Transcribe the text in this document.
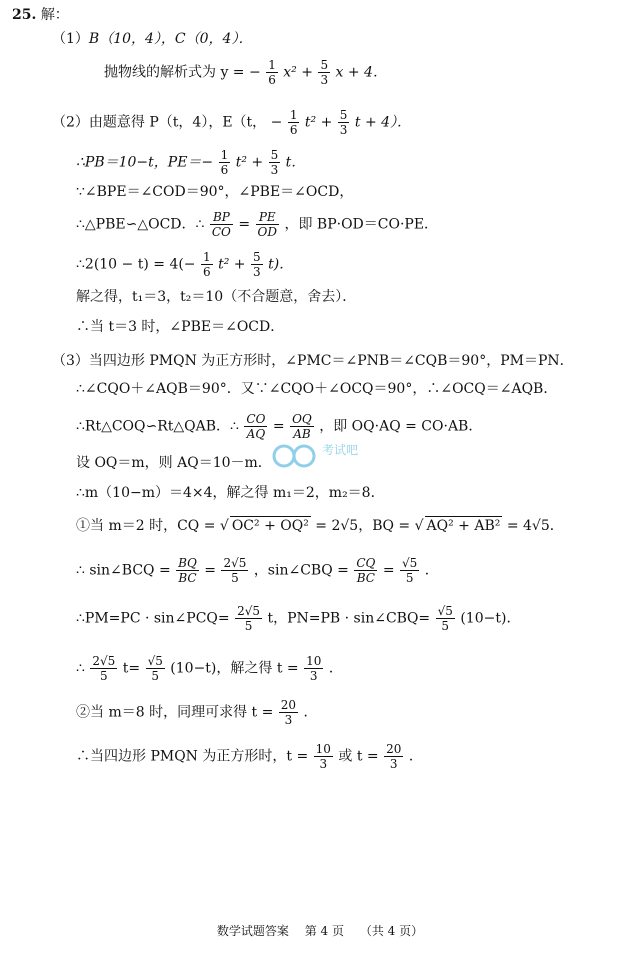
25. 解：
（1）B（10，4），C（0，4）．
抛物线的解析式为 y = − $\frac{1}{6} x^2 + \frac{5}{3}$ x + 4．
（2）由题意得 P（t，4），E（t， − $\frac{1}{6} t^2 + \frac{5}{3}$ t + 4）．
∴PB＝10−t，$PE=- \frac{1}{6} t^2 + \frac{5}{3}$ t．
∵∠BPE＝∠COD＝90°，∠PBE＝∠OCD，
∴△PBE∽△OCD．∴ $\frac{BP}{CO} = \frac{PE}{OD}$ ，即 BP·OD＝CO·PE．
∴2(10 − $t) = 4(- \frac{1}{6} t^2 + \frac{5}{3} t)$．
解之得，t₁＝3，t₂＝10（不合题意，舍去）．
∴当 t＝3 时，∠PBE＝∠OCD．
（3）当四边形 PMQN 为正方形时，∠PMC＝∠PNB＝∠CQB＝90°，PM＝PN．
∴∠CQO＋∠AQB＝90°．又∵∠CQO＋∠OCQ＝90°，∴∠OCQ＝∠AQB．
∴Rt△COQ∽Rt△QAB．∴ $\frac{CO}{AQ} = \frac{OQ}{AB}$ ，即 OQ·AQ = CO·AB．
设 OQ＝m，则 AQ＝10－m．
考试吧
∴m（10−m）＝4×4，解之得 m₁＝2，m₂＝8．
①当 m＝2 时，CQ = √ OC² + OQ² = 2√5，BQ = √ AQ² + AB² = 4√5．
∴ sin∠BCQ = $\frac{BQ}{BC} = \frac{2√5}{5}$ ，sin∠CBQ = $\frac{CQ}{BC} = \frac{√5}{5}$ ．
∴PM=PC · sin∠PCQ= $\frac{2√5}{5}$ t，PN=PB · sin∠CBQ= $\frac{√5}{5} (10-t)$．
∴ $\frac{2√5}{5} t= \frac{√5}{5} (10-t)$，解之得 $t = \frac{10}{3}$ ．
②当 m＝8 时，同理可求得 $t = \frac{20}{3}$ ．
∴当四边形 PMQN 为正方形时，$t = \frac{10}{3}$ 或 $t = \frac{20}{3}$ ．
数学试题答案 第 4 页 （共 4 页）
